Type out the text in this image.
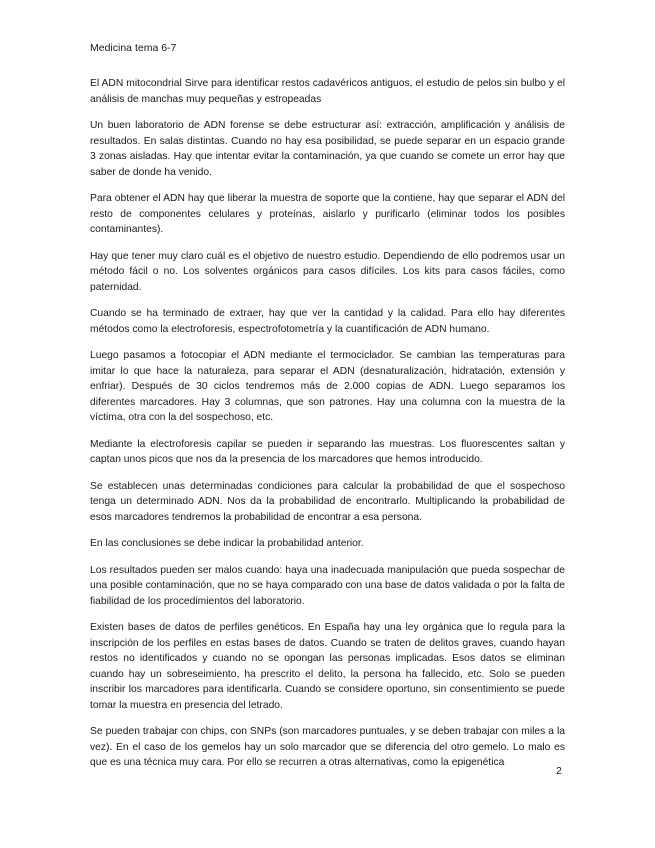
Medicina tema 6-7

El ADN mitocondrial Sirve para identificar restos cadavéricos antiguos, el estudio de pelos sin bulbo y el análisis de manchas muy pequeñas y estropeadas

Un buen laboratorio de ADN forense se debe estructurar así: extracción, amplificación y análisis de resultados. En salas distintas. Cuando no hay esa posibilidad, se puede separar en un espacio grande 3 zonas aisladas. Hay que intentar evitar la contaminación, ya que cuando se comete un error hay que saber de donde ha venido.

Para obtener el ADN hay que liberar la muestra de soporte que la contiene, hay que separar el ADN del resto de componentes celulares y proteínas, aislarlo y purificarlo (eliminar todos los posibles contaminantes).

Hay que tener muy claro cuál es el objetivo de nuestro estudio. Dependiendo de ello podremos usar un método fácil o no. Los solventes orgánicos para casos difíciles. Los kits para casos fáciles, como paternidad.

Cuando se ha terminado de extraer, hay que ver la cantidad y la calidad. Para ello hay diferentes métodos como la electroforesis, espectrofotometría y la cuantificación de ADN humano.

Luego pasamos a fotocopiar el ADN mediante el termociclador. Se cambian las temperaturas para imitar lo que hace la naturaleza, para separar el ADN (desnaturalización, hidratación, extensión y enfriar). Después de 30 ciclos tendremos más de 2.000 copias de ADN. Luego separamos los diferentes marcadores. Hay 3 columnas, que son patrones. Hay una columna con la muestra de la víctima, otra con la del sospechoso, etc.

Mediante la electroforesis capilar se pueden ir separando las muestras. Los fluorescentes saltan y captan unos picos que nos da la presencia de los marcadores que hemos introducido.

Se establecen unas determinadas condiciones para calcular la probabilidad de que el sospechoso tenga un determinado ADN. Nos da la probabilidad de encontrarlo. Multiplicando la probabilidad de esos marcadores tendremos la probabilidad de encontrar a esa persona.

En las conclusiones se debe indicar la probabilidad anterior.

Los resultados pueden ser malos cuando: haya una inadecuada manipulación que pueda sospechar de una posible contaminación, que no se haya comparado con una base de datos validada o por la falta de fiabilidad de los procedimientos del laboratorio.

Existen bases de datos de perfiles genéticos. En España hay una ley orgánica que lo regula para la inscripción de los perfiles en estas bases de datos. Cuando se traten de delitos graves, cuando hayan restos no identificados y cuando no se opongan las personas implicadas. Esos datos se eliminan cuando hay un sobreseimiento, ha prescrito el delito, la persona ha fallecido, etc. Solo se pueden inscribir los marcadores para identificarla. Cuando se considere oportuno, sin consentimiento se puede tomar la muestra en presencia del letrado.

Se pueden trabajar con chips, con SNPs (son marcadores puntuales, y se deben trabajar con miles a la vez). En el caso de los gemelos hay un solo marcador que se diferencia del otro gemelo. Lo malo es que es una técnica muy cara. Por ello se recurren a otras alternativas, como la epigenética

2
